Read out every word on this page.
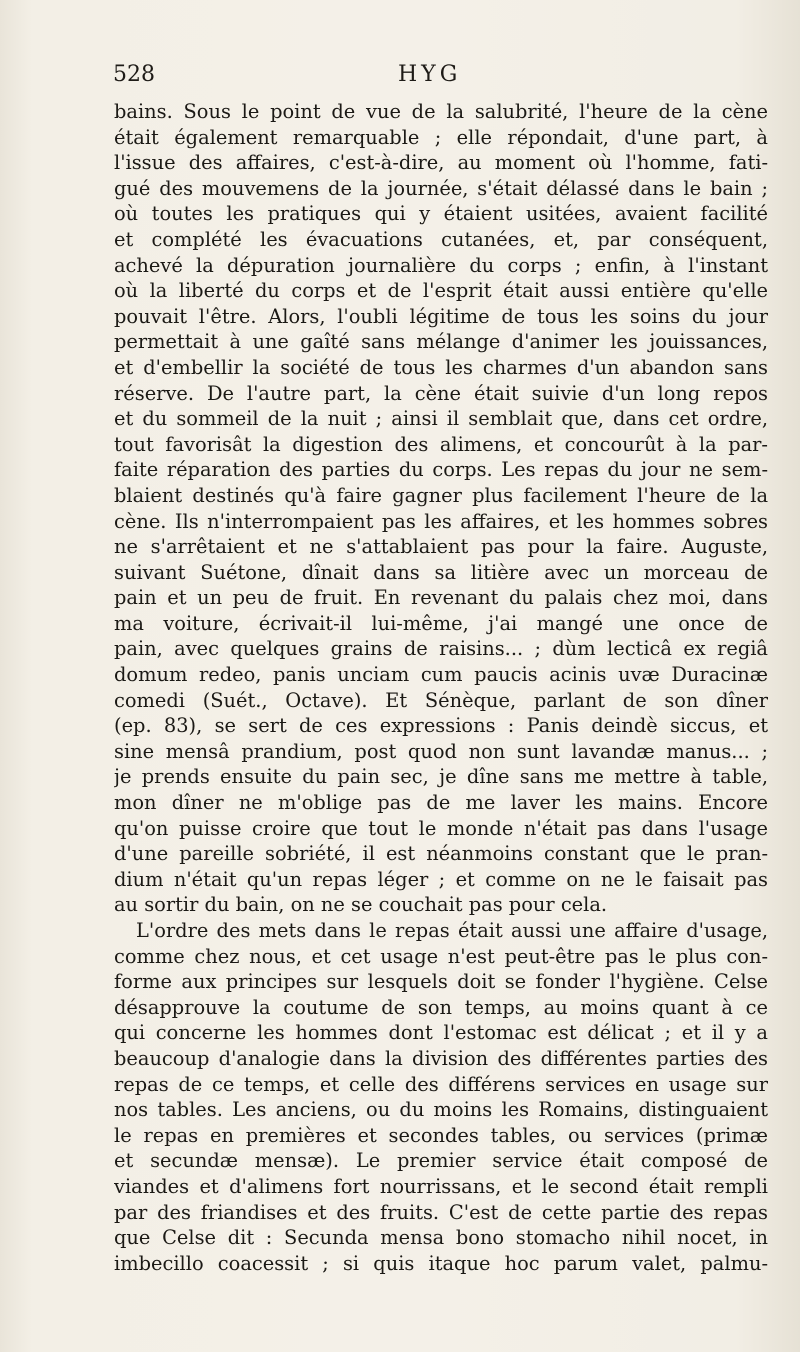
528	HYG
bains. Sous le point de vue de la salubrité, l'heure de la cène
était également remarquable ; elle répondait, d'une part, à
l'issue des affaires, c'est-à-dire, au moment où l'homme, fati-
gué des mouvemens de la journée, s'était délassé dans le bain ;
où toutes les pratiques qui y étaient usitées, avaient facilité
et complété les évacuations cutanées, et, par conséquent,
achevé la dépuration journalière du corps ; enfin, à l'instant
où la liberté du corps et de l'esprit était aussi entière qu'elle
pouvait l'être. Alors, l'oubli légitime de tous les soins du jour
permettait à une gaîté sans mélange d'animer les jouissances,
et d'embellir la société de tous les charmes d'un abandon sans
réserve. De l'autre part, la cène était suivie d'un long repos
et du sommeil de la nuit ; ainsi il semblait que, dans cet ordre,
tout favorisât la digestion des alimens, et concourût à la par-
faite réparation des parties du corps. Les repas du jour ne sem-
blaient destinés qu'à faire gagner plus facilement l'heure de la
cène. Ils n'interrompaient pas les affaires, et les hommes sobres
ne s'arrêtaient et ne s'attablaient pas pour la faire. Auguste,
suivant Suétone, dînait dans sa litière avec un morceau de
pain et un peu de fruit. En revenant du palais chez moi, dans
ma voiture, écrivait-il lui-même, j'ai mangé une once de
pain, avec quelques grains de raisins... ; dùm lecticâ ex regiâ
domum redeo, panis unciam cum paucis acinis uvæ Duracinæ
comedi (Suét., Octave). Et Sénèque, parlant de son dîner
(ep. 83), se sert de ces expressions : Panis deindè siccus, et
sine mensâ prandium, post quod non sunt lavandæ manus... ;
je prends ensuite du pain sec, je dîne sans me mettre à table,
mon dîner ne m'oblige pas de me laver les mains. Encore
qu'on puisse croire que tout le monde n'était pas dans l'usage
d'une pareille sobriété, il est néanmoins constant que le pran-
dium n'était qu'un repas léger ; et comme on ne le faisait pas
au sortir du bain, on ne se couchait pas pour cela.
L'ordre des mets dans le repas était aussi une affaire d'usage,
comme chez nous, et cet usage n'est peut-être pas le plus con-
forme aux principes sur lesquels doit se fonder l'hygiène. Celse
désapprouve la coutume de son temps, au moins quant à ce
qui concerne les hommes dont l'estomac est délicat ; et il y a
beaucoup d'analogie dans la division des différentes parties des
repas de ce temps, et celle des différens services en usage sur
nos tables. Les anciens, ou du moins les Romains, distinguaient
le repas en premières et secondes tables, ou services (primæ
et secundæ mensæ). Le premier service était composé de
viandes et d'alimens fort nourrissans, et le second était rempli
par des friandises et des fruits. C'est de cette partie des repas
que Celse dit : Secunda mensa bono stomacho nihil nocet, in
imbecillo coacessit ; si quis itaque hoc parum valet, palmu-
